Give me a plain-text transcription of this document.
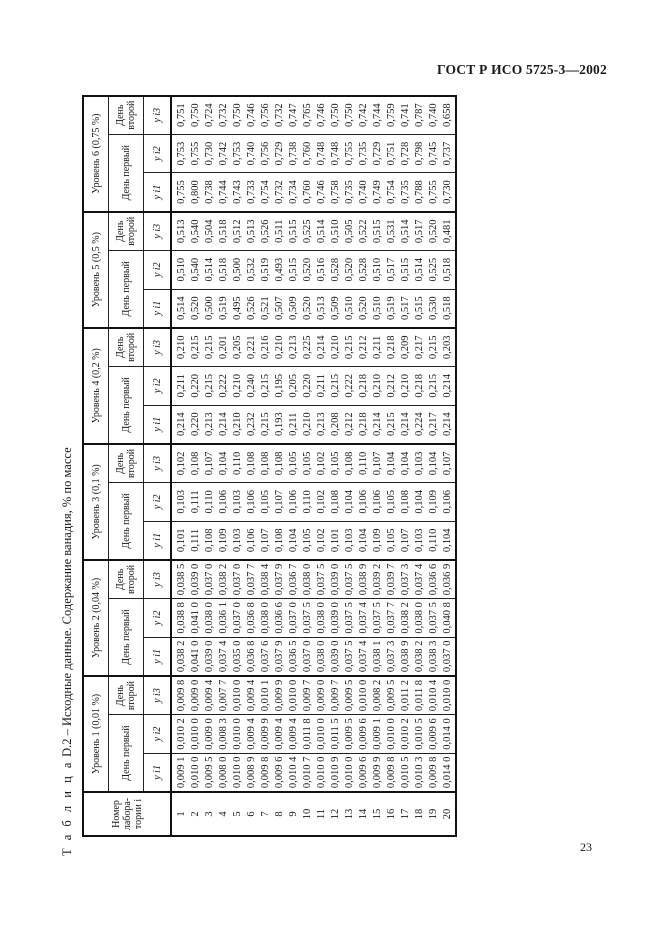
ГОСТ Р ИСО 5725-3—2002
Т а б л и ц а D.2 – Исходные данные. Содержание ванадия, % по массе
Номер лабора-тории i	Уровень 1 (0,01 %)			Уровень 2 (0,04 %)			Уровень 3 (0,1 %)			Уровень 4 (0,2 %)			Уровень 5 (0,5 %)			Уровень 6 (0,75 %)		
	День первый		День второй	День первый		День второй	День первый		День второй	День первый		День второй	День первый		День второй	День первый		День второй
	y i1	y i2	y i3	y i1	y i2	y i3	y i1	y i2	y i3	y i1	y i2	y i3	y i1	y i2	y i3	y i1	y i2	y i3
1	0,009 1	0,010 2	0,009 8	0,038 2	0,038 8	0,038 5	0,101	0,103	0,102	0,214	0,211	0,210	0,514	0,510	0,513	0,755	0,753	0,751
2	0,010 0	0,010 0	0,009 0	0,041 0	0,041 0	0,039 0	0,111	0,111	0,108	0,220	0,220	0,215	0,520	0,540	0,540	0,800	0,755	0,750
3	0,009 5	0,009 0	0,009 4	0,039 0	0,038 0	0,037 0	0,108	0,110	0,107	0,213	0,215	0,215	0,500	0,514	0,504	0,738	0,730	0,724
4	0,008 0	0,008 3	0,007 7	0,037 4	0,036 1	0,038 2	0,109	0,106	0,104	0,214	0,222	0,201	0,519	0,518	0,518	0,744	0,742	0,732
5	0,010 0	0,010 0	0,010 0	0,035 0	0,037 0	0,037 0	0,103	0,103	0,110	0,210	0,210	0,205	0,495	0,500	0,512	0,743	0,753	0,750
6	0,008 9	0,009 4	0,009 4	0,036 8	0,036 8	0,037 7	0,106	0,106	0,108	0,232	0,240	0,221	0,526	0,532	0,513	0,733	0,740	0,746
7	0,009 8	0,009 9	0,010 1	0,037 6	0,038 0	0,038 4	0,107	0,105	0,108	0,215	0,215	0,216	0,521	0,519	0,526	0,754	0,756	0,756
8	0,009 6	0,009 4	0,009 9	0,037 9	0,036 6	0,037 9	0,108	0,107	0,108	0,193	0,195	0,210	0,507	0,493	0,511	0,732	0,729	0,732
9	0,010 4	0,009 4	0,010 0	0,036 5	0,037 0	0,036 7	0,104	0,106	0,105	0,211	0,205	0,213	0,509	0,515	0,515	0,734	0,738	0,747
10	0,010 7	0,011 8	0,009 7	0,037 0	0,037 5	0,038 0	0,105	0,110	0,105	0,210	0,220	0,225	0,520	0,520	0,525	0,760	0,760	0,765
11	0,010 0	0,010 0	0,009 0	0,038 0	0,038 0	0,037 5	0,102	0,102	0,102	0,213	0,211	0,214	0,513	0,516	0,514	0,746	0,748	0,746
12	0,010 9	0,011 5	0,009 7	0,039 0	0,039 0	0,039 0	0,101	0,108	0,105	0,208	0,215	0,210	0,509	0,528	0,510	0,758	0,748	0,750
13	0,010 0	0,009 5	0,009 5	0,037 5	0,037 5	0,037 5	0,103	0,104	0,108	0,212	0,222	0,215	0,510	0,520	0,505	0,735	0,755	0,750
14	0,009 6	0,009 6	0,010 0	0,037 4	0,037 4	0,038 9	0,104	0,106	0,110	0,218	0,218	0,212	0,520	0,528	0,522	0,740	0,735	0,742
15	0,009 9	0,009 1	0,008 2	0,038 1	0,037 5	0,039 2	0,109	0,106	0,107	0,214	0,210	0,211	0,510	0,510	0,515	0,749	0,729	0,744
16	0,009 8	0,010 0	0,009 5	0,037 3	0,037 7	0,039 7	0,105	0,105	0,104	0,215	0,212	0,218	0,519	0,517	0,531	0,754	0,751	0,759
17	0,010 5	0,010 2	0,011 2	0,038 9	0,038 2	0,037 3	0,107	0,108	0,104	0,214	0,210	0,209	0,517	0,515	0,514	0,735	0,728	0,741
18	0,010 3	0,010 5	0,011 8	0,038 2	0,038 0	0,037 4	0,103	0,104	0,103	0,224	0,218	0,217	0,515	0,514	0,517	0,788	0,798	0,787
19	0,009 8	0,009 6	0,010 4	0,038 3	0,037 5	0,036 6	0,110	0,109	0,104	0,217	0,215	0,215	0,530	0,525	0,520	0,755	0,745	0,740
20	0,014 0	0,014 0	0,010 0	0,037 0	0,040 8	0,036 9	0,104	0,106	0,107	0,214	0,214	0,203	0,518	0,518	0,481	0,730	0,737	0,658
23
